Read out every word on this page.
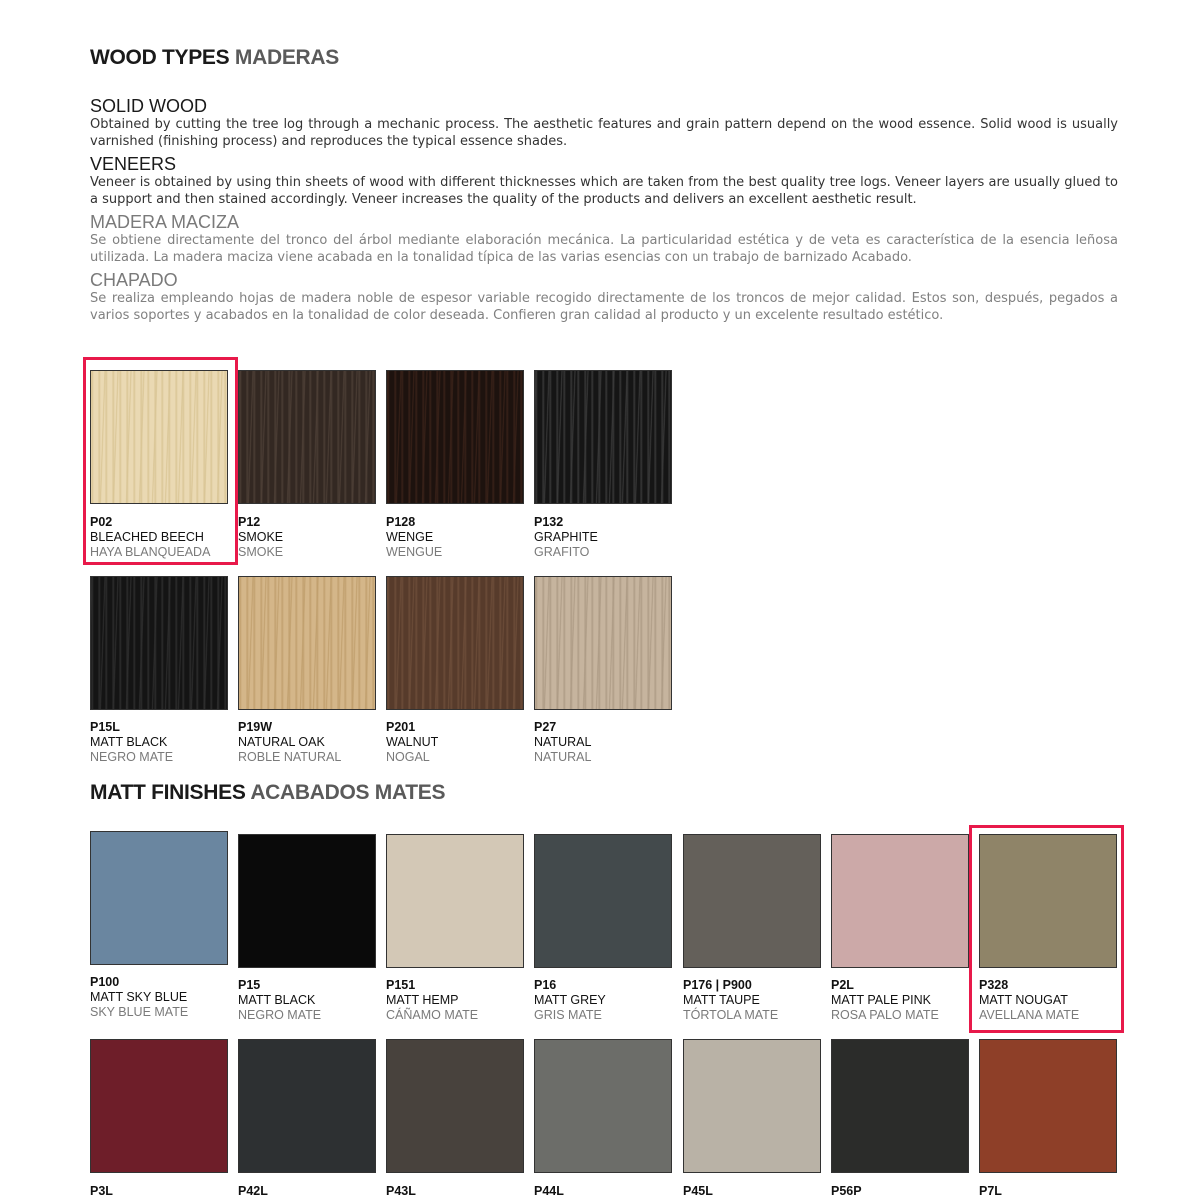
WOOD TYPES MADERAS

SOLID WOOD

Obtained by cutting the tree log through a mechanic process. The aesthetic features and grain pattern depend on the wood essence. Solid wood is usually varnished (finishing process) and reproduces the typical essence shades.

VENEERS

Veneer is obtained by using thin sheets of wood with different thicknesses which are taken from the best quality tree logs. Veneer layers are usually glued to a support and then stained accordingly. Veneer increases the quality of the products and delivers an excellent aesthetic result.

MADERA MACIZA

Se obtiene directamente del tronco del árbol mediante elaboración mecánica. La particularidad estética y de veta es característica de la esencia leñosa utilizada. La madera maciza viene acabada en la tonalidad típica de las varias esencias con un trabajo de barnizado Acabado.

CHAPADO

Se realiza empleando hojas de madera noble de espesor variable recogido directamente de los troncos de mejor calidad. Estos son, después, pegados a varios soportes y acabados en la tonalidad de color deseada. Confieren gran calidad al producto y un excelente resultado estético.

P02
BLEACHED BEECH
HAYA BLANQUEADA
P12
SMOKE
SMOKE
P128
WENGE
WENGUE
P132
GRAPHITE
GRAFITO
P15L
MATT BLACK
NEGRO MATE
P19W
NATURAL OAK
ROBLE NATURAL
P201
WALNUT
NOGAL
P27
NATURAL
NATURAL
MATT FINISHES ACABADOS MATES
P100
MATT SKY BLUE
SKY BLUE MATE
P15
MATT BLACK
NEGRO MATE
P151
MATT HEMP
CÁÑAMO MATE
P16
MATT GREY
GRIS MATE
P176 | P900
MATT TAUPE
TÓRTOLA MATE
P2L
MATT PALE PINK
ROSA PALO MATE
P328
MATT NOUGAT
AVELLANA MATE
P3L	P42L	P43L	P44L	P45L	P56P	P7L
